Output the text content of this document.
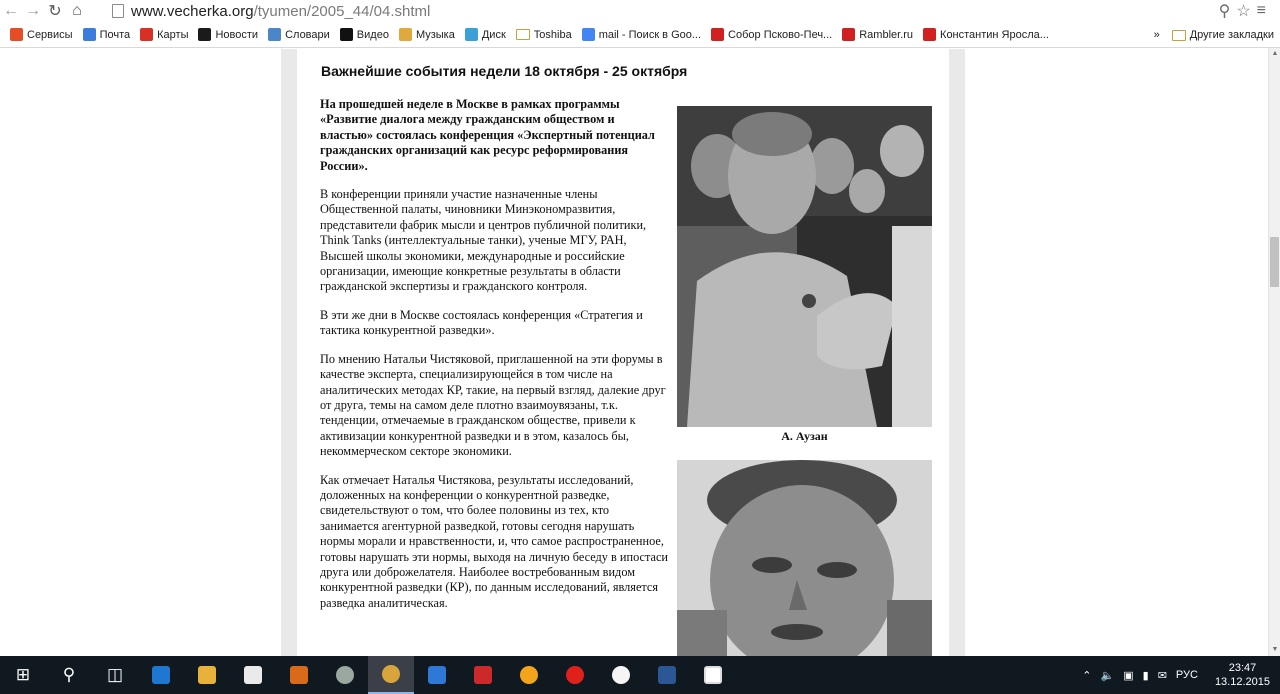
← → ↻ ⌂	www.vecherka.org /tyumen/2005_44/04.shtml	⚲ ☆ ≡
Сервисы Почта Карты Новости Словари Видео Музыка Диск	Toshiba mail - Поиск в Goo... Собор Псково-Печ... Rambler.ru Константин Яросла...	»	Другие закладки
Важнейшие события недели 18 октября - 25 октября

На прошедшей неделе в Москве в рамках программы «Развитие диалога между гражданским обществом и властью» состоялась конференция «Экспертный потенциал гражданских организаций как ресурс реформирования России».

В конференции приняли участие назначенные члены Общественной палаты, чиновники Минэкономразвития, представители фабрик мысли и центров публичной политики, Think Tanks (интеллектуальные танки), ученые МГУ, РАН, Высшей школы экономики, международные и российские организации, имеющие конкретные результаты в области гражданской экспертизы и гражданского контроля.

В эти же дни в Москве состоялась конференция «Стратегия и тактика конкурентной разведки».

По мнению Натальи Чистяковой, приглашенной на эти форумы в качестве эксперта, специализирующейся в том числе на аналитических методах КР, такие, на первый взгляд, далекие друг от друга, темы на самом деле плотно взаимоувязаны, т.к. тенденции, отмечаемые в гражданском обществе, привели к активизации конкурентной разведки и в этом, казалось бы, некоммерческом секторе экономики.

Как отмечает Наталья Чистякова, результаты исследований, доложенных на конференции о конкурентной разведке, свидетельствуют о том, что более половины из тех, кто занимается агентурной разведкой, готовы сегодня нарушать нормы морали и нравственности, и, что самое распространенное, готовы нарушать эти нормы, выходя на личную беседу в ипостаси друга или доброжелателя. Наиболее востребованным видом конкурентной разведки (КР), по данным исследований, является разведка аналитическая.

А. Аузан
▲
▼
⊞	⚲	◫	⌃ 🔈 ▣ ▮ ✉ РУС
23:47
13.12.2015
